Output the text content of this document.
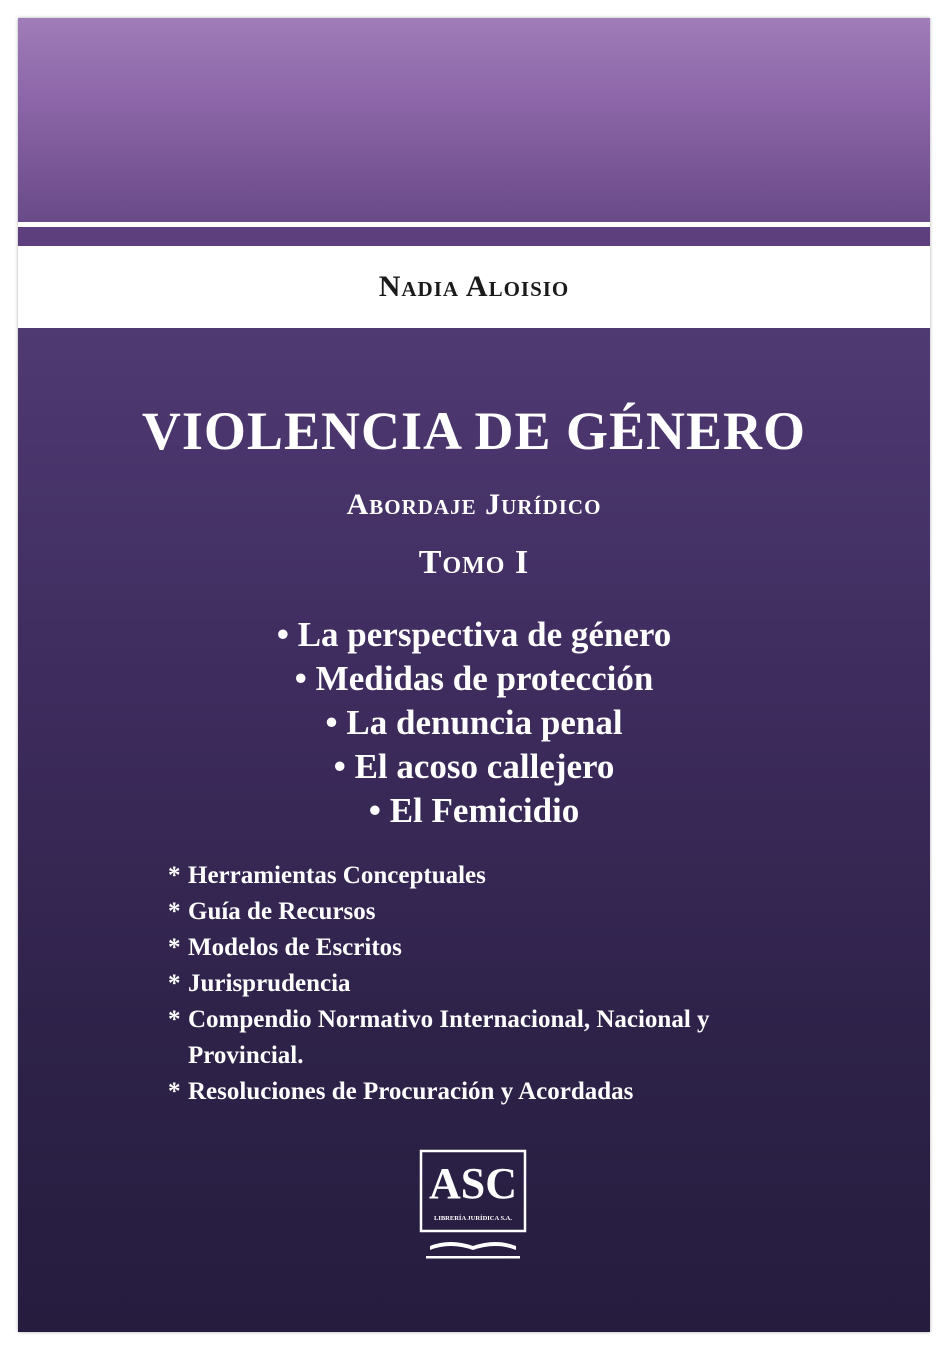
Nadia Aloisio
VIOLENCIA DE GÉNERO
Abordaje Jurídico
Tomo I
• La perspectiva de género
• Medidas de protección
• La denuncia penal
• El acoso callejero
• El Femicidio
* Herramientas Conceptuales
* Guía de Recursos
* Modelos de Escritos
* Jurisprudencia
* Compendio Normativo Internacional, Nacional y Provincial.
* Resoluciones de Procuración y Acordadas
ASC
LIBRERÍA JURÍDICA S.A.
